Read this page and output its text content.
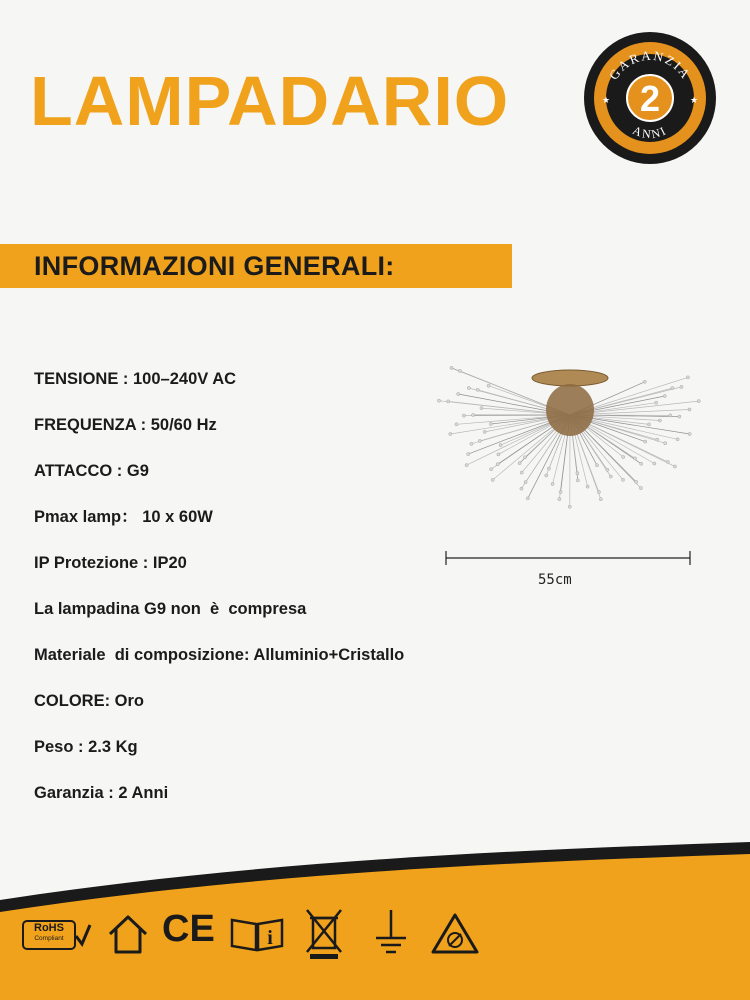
LAMPADARIO	GARANZIA
ANNI
2
★	★
INFORMAZIONI GENERALI:
TENSIONE : 100–240V AC
FREQUENZA : 50/60 Hz
ATTACCO : G9
Pmax lamp： 10 x 60W
IP Protezione : IP20
La lampadina G9 non  è  compresa
Materiale  di composizione: Alluminio+Cristallo
COLORE: Oro
Peso : 2.3 Kg
Garanzia : 2 Anni
55cm
RoHS
Compliant	CE	i
